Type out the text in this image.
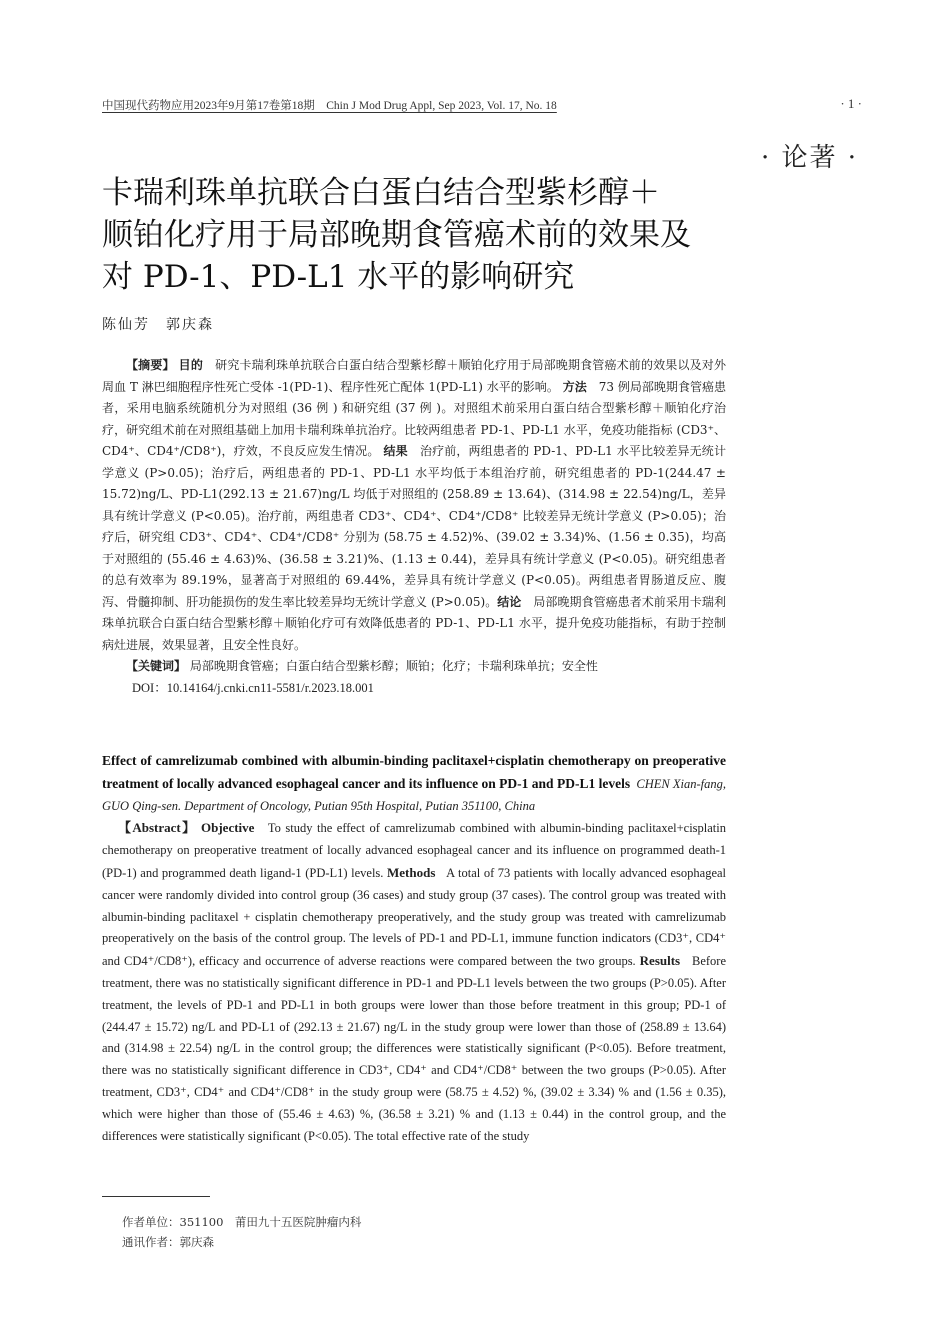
中国现代药物应用2023年9月第17卷第18期　Chin J Mod Drug Appl, Sep 2023, Vol. 17, No. 18	· 1 ·
· 论著 ·
卡瑞利珠单抗联合白蛋白结合型紫杉醇＋
顺铂化疗用于局部晚期食管癌术前的效果及
对 PD-1、PD-L1 水平的影响研究
陈仙芳　郭庆森

【摘要】 目的　 研究卡瑞利珠单抗联合白蛋白结合型紫杉醇＋顺铂化疗用于局部晚期食管癌术前的效果以及对外周血 T 淋巴细胞程序性死亡受体 -1(PD-1)、程序性死亡配体 1(PD-L1) 水平的影响。 方法　 73 例局部晚期食管癌患者，采用电脑系统随机分为对照组 (36 例 ) 和研究组 (37 例 )。对照组术前采用白蛋白结合型紫杉醇＋顺铂化疗治疗，研究组术前在对照组基础上加用卡瑞利珠单抗治疗。比较两组患者 PD-1、PD-L1 水平，免疫功能指标 (CD3⁺、CD4⁺、CD4⁺/CD8⁺)，疗效，不良反应发生情况。 结果　 治疗前，两组患者的 PD-1、PD-L1 水平比较差异无统计学意义 (P>0.05)；治疗后，两组患者的 PD-1、PD-L1 水平均低于本组治疗前，研究组患者的 PD-1(244.47 ± 15.72)ng/L、PD-L1(292.13 ± 21.67)ng/L 均低于对照组的 (258.89 ± 13.64)、(314.98 ± 22.54)ng/L，差异具有统计学意义 (P<0.05)。治疗前，两组患者 CD3⁺、CD4⁺、CD4⁺/CD8⁺ 比较差异无统计学意义 (P>0.05)；治疗后，研究组 CD3⁺、CD4⁺、CD4⁺/CD8⁺ 分别为 (58.75 ± 4.52)%、(39.02 ± 3.34)%、(1.56 ± 0.35)，均高于对照组的 (55.46 ± 4.63)%、(36.58 ± 3.21)%、(1.13 ± 0.44)，差异具有统计学意义 (P<0.05)。研究组患者的总有效率为 89.19%，显著高于对照组的 69.44%，差异具有统计学意义 (P<0.05)。两组患者胃肠道反应、腹泻、骨髓抑制、肝功能损伤的发生率比较差异均无统计学意义 (P>0.05)。结论　 局部晚期食管癌患者术前采用卡瑞利珠单抗联合白蛋白结合型紫杉醇＋顺铂化疗可有效降低患者的 PD-1、PD-L1 水平，提升免疫功能指标，有助于控制病灶进展，效果显著，且安全性良好。

【关键词】 局部晚期食管癌；白蛋白结合型紫杉醇；顺铂；化疗；卡瑞利珠单抗；安全性

DOI：10.14164/j.cnki.cn11-5581/r.2023.18.001

Effect of camrelizumab combined with albumin-binding paclitaxel+cisplatin chemotherapy on preoperative treatment of locally advanced esophageal cancer and its influence on PD-1 and PD-L1 levels CHEN Xian-fang, GUO Qing-sen. Department of Oncology, Putian 95th Hospital, Putian 351100, China

【Abstract】 Objective To study the effect of camrelizumab combined with albumin-binding paclitaxel+cisplatin chemotherapy on preoperative treatment of locally advanced esophageal cancer and its influence on programmed death-1 (PD-1) and programmed death ligand-1 (PD-L1) levels. Methods A total of 73 patients with locally advanced esophageal cancer were randomly divided into control group (36 cases) and study group (37 cases). The control group was treated with albumin-binding paclitaxel + cisplatin chemotherapy preoperatively, and the study group was treated with camrelizumab preoperatively on the basis of the control group. The levels of PD-1 and PD-L1, immune function indicators (CD3⁺, CD4⁺ and CD4⁺/CD8⁺), efficacy and occurrence of adverse reactions were compared between the two groups. Results Before treatment, there was no statistically significant difference in PD-1 and PD-L1 levels between the two groups (P>0.05). After treatment, the levels of PD-1 and PD-L1 in both groups were lower than those before treatment in this group; PD-1 of (244.47 ± 15.72) ng/L and PD-L1 of (292.13 ± 21.67) ng/L in the study group were lower than those of (258.89 ± 13.64) and (314.98 ± 22.54) ng/L in the control group; the differences were statistically significant (P<0.05). Before treatment, there was no statistically significant difference in CD3⁺, CD4⁺ and CD4⁺/CD8⁺ between the two groups (P>0.05). After treatment, CD3⁺, CD4⁺ and CD4⁺/CD8⁺ in the study group were (58.75 ± 4.52) %, (39.02 ± 3.34) % and (1.56 ± 0.35), which were higher than those of (55.46 ± 4.63) %, (36.58 ± 3.21) % and (1.13 ± 0.44) in the control group, and the differences were statistically significant (P<0.05). The total effective rate of the study

作者单位：351100　莆田九十五医院肿瘤内科
通讯作者：郭庆森
